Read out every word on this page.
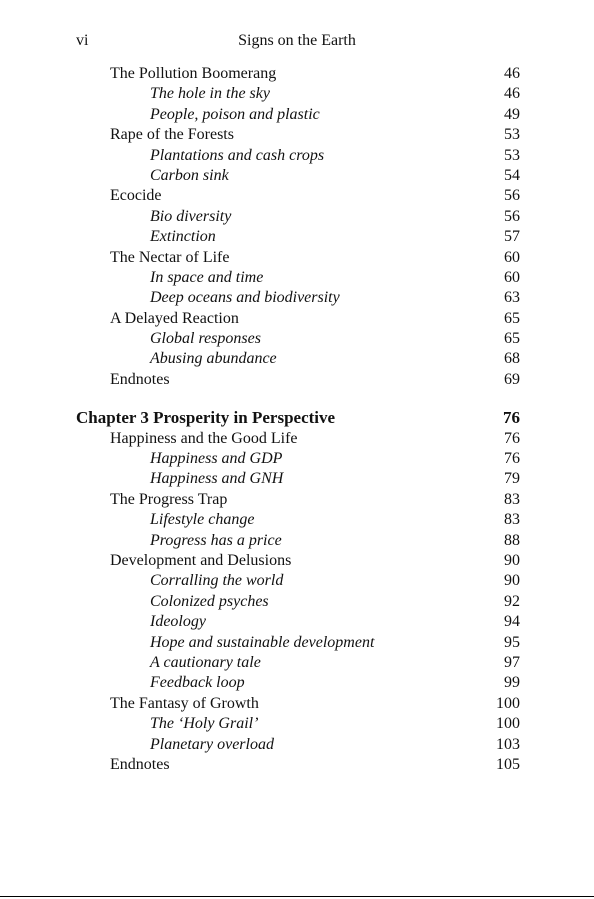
vi	Signs on the Earth
The Pollution Boomerang	46
The hole in the sky	46
People, poison and plastic	49
Rape of the Forests	53
Plantations and cash crops	53
Carbon sink	54
Ecocide	56
Bio diversity	56
Extinction	57
The Nectar of Life	60
In space and time	60
Deep oceans and biodiversity	63
A Delayed Reaction	65
Global responses	65
Abusing abundance	68
Endnotes	69
Chapter 3 Prosperity in Perspective	76
Happiness and the Good Life	76
Happiness and GDP	76
Happiness and GNH	79
The Progress Trap	83
Lifestyle change	83
Progress has a price	88
Development and Delusions	90
Corralling the world	90
Colonized psyches	92
Ideology	94
Hope and sustainable development	95
A cautionary tale	97
Feedback loop	99
The Fantasy of Growth	100
The ‘Holy Grail’	100
Planetary overload	103
Endnotes	105
